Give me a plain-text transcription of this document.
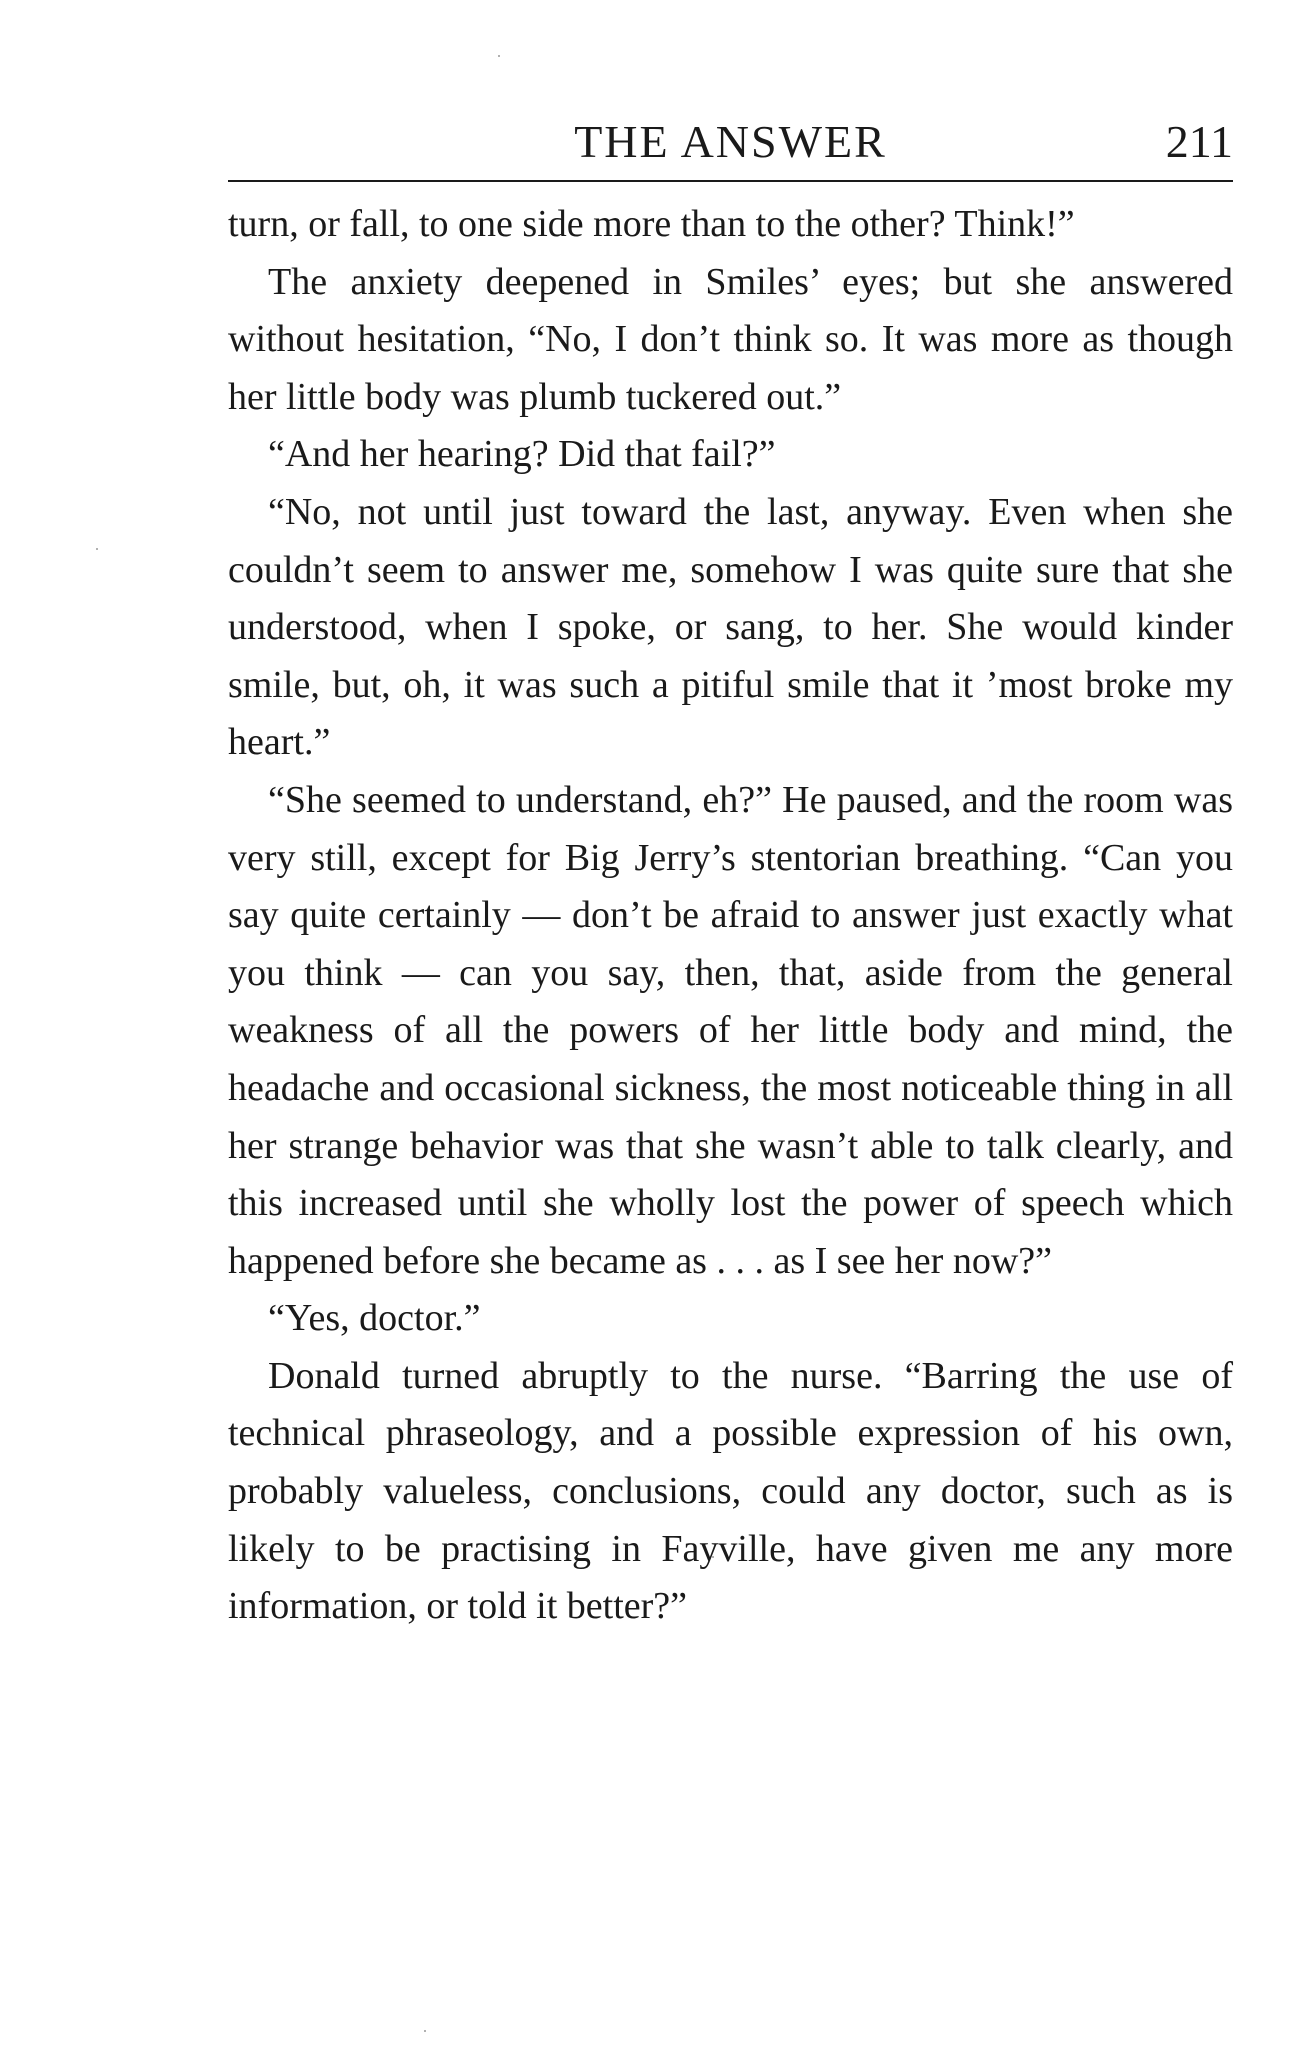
THE ANSWER	211

turn, or fall, to one side more than to the other? Think!”

The anxiety deepened in Smiles’ eyes; but she answered without hesitation, “No, I don’t think so. It was more as though her little body was plumb tuckered out.”

“And her hearing? Did that fail?”

“No, not until just toward the last, anyway. Even when she couldn’t seem to answer me, somehow I was quite sure that she understood, when I spoke, or sang, to her. She would kinder smile, but, oh, it was such a pitiful smile that it ’most broke my heart.”

“She seemed to understand, eh?” He paused, and the room was very still, except for Big Jerry’s stentorian breathing. “Can you say quite certainly — don’t be afraid to answer just exactly what you think — can you say, then, that, aside from the general weakness of all the powers of her little body and mind, the headache and occasional sickness, the most noticeable thing in all her strange behavior was that she wasn’t able to talk clearly, and this increased until she wholly lost the power of speech which happened before she became as . . . as I see her now?”

“Yes, doctor.”

Donald turned abruptly to the nurse. “Barring the use of technical phraseology, and a possible expression of his own, probably valueless, conclusions, could any doctor, such as is likely to be practising in Fayville, have given me any more information, or told it better?”
